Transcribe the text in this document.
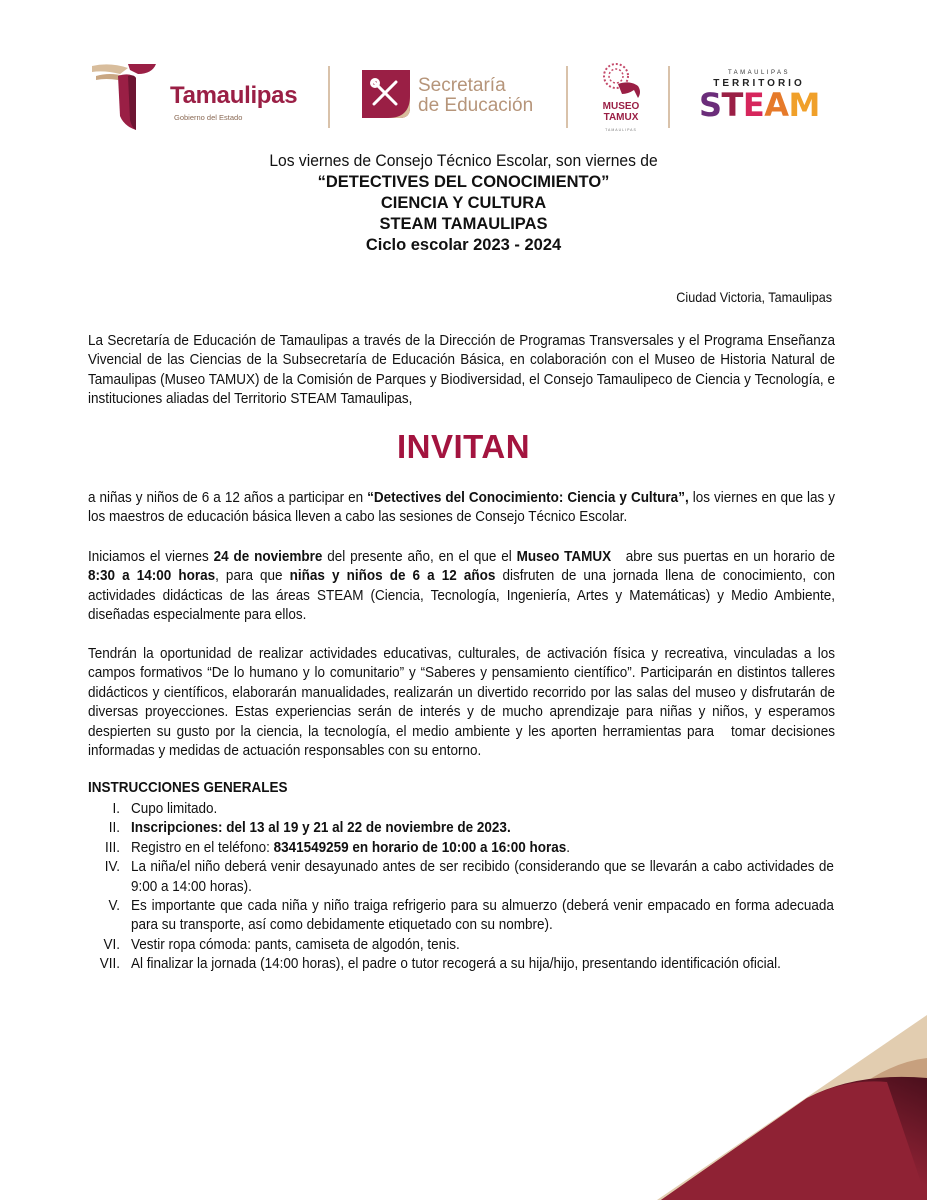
Tamaulipas
Gobierno del Estado
Secretaría
de Educación	MUSEO
TAMUX
TAMAULIPAS
TAMAULIPAS
TERRITORIO
STEAM
Los viernes de Consejo Técnico Escolar, son viernes de
“DETECTIVES DEL CONOCIMIENTO”
CIENCIA Y CULTURA
STEAM TAMAULIPAS
Ciclo escolar 2023 - 2024
Ciudad Victoria, Tamaulipas
La Secretaría de Educación de Tamaulipas a través de la Dirección de Programas Transversales y el Programa Enseñanza Vivencial de las Ciencias de la Subsecretaría de Educación Básica, en colaboración con el Museo de Historia Natural de Tamaulipas (Museo TAMUX) de la Comisión de Parques y Biodiversidad, el Consejo Tamaulipeco de Ciencia y Tecnología, e instituciones aliadas del Territorio STEAM Tamaulipas,
INVITAN
a niñas y niños de 6 a 12 años a participar en “Detectives del Conocimiento: Ciencia y Cultura”, los viernes en que las y los maestros de educación básica lleven a cabo las sesiones de Consejo Técnico Escolar.
Iniciamos el viernes 24 de noviembre del presente año, en el que el Museo TAMUX   abre sus puertas en un horario de 8:30 a 14:00 horas, para que niñas y niños de 6 a 12 años disfruten de una jornada llena de conocimiento, con actividades didácticas de las áreas STEAM (Ciencia, Tecnología, Ingeniería, Artes y Matemáticas) y Medio Ambiente, diseñadas especialmente para ellos.
Tendrán la oportunidad de realizar actividades educativas, culturales, de activación física y recreativa, vinculadas a los campos formativos “De lo humano y lo comunitario” y “Saberes y pensamiento científico”. Participarán en distintos talleres didácticos y científicos, elaborarán manualidades, realizarán un divertido recorrido por las salas del museo y disfrutarán de diversas proyecciones. Estas experiencias serán de interés y de mucho aprendizaje para niñas y niños, y esperamos despierten su gusto por la ciencia, la tecnología, el medio ambiente y les aporten herramientas para   tomar decisiones informadas y medidas de actuación responsables con su entorno.
INSTRUCCIONES GENERALES
I. Cupo limitado.
II. Inscripciones: del 13 al 19 y 21 al 22 de noviembre de 2023.
III. Registro en el teléfono: 8341549259 en horario de 10:00 a 16:00 horas.
IV. La niña/el niño deberá venir desayunado antes de ser recibido (considerando que se llevarán a cabo actividades de 9:00 a 14:00 horas).
V. Es importante que cada niña y niño traiga refrigerio para su almuerzo (deberá venir empacado en forma adecuada para su transporte, así como debidamente etiquetado con su nombre).
VI. Vestir ropa cómoda: pants, camiseta de algodón, tenis.
VII. Al finalizar la jornada (14:00 horas), el padre o tutor recogerá a su hija/hijo, presentando identificación oficial.
